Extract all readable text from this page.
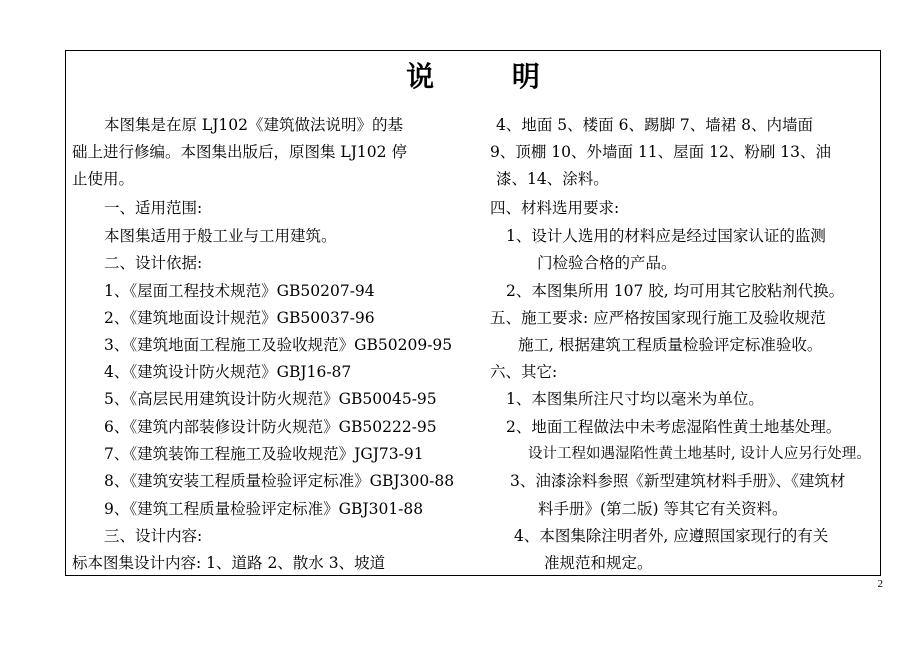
说 明
本图集是在原 LJ102《建筑做法说明》的基
础上进行修编。本图集出版后，原图集 LJ102 停
止使用。
一、适用范围:
本图集适用于般工业与工用建筑。
二、设计依据:
1、《屋面工程技术规范》GB50207-94
2、《建筑地面设计规范》GB50037-96
3、《建筑地面工程施工及验收规范》GB50209-95
4、《建筑设计防火规范》GBJ16-87
5、《高层民用建筑设计防火规范》GB50045-95
6、《建筑内部装修设计防火规范》GB50222-95
7、《建筑装饰工程施工及验收规范》JGJ73-91
8、《建筑安装工程质量检验评定标准》GBJ300-88
9、《建筑工程质量检验评定标准》GBJ301-88
三、设计内容:
标本图集设计内容: 1、道路 2、散水 3、坡道
4、地面 5、楼面 6、踢脚 7、墙裙 8、内墙面
9、顶棚 10、外墙面 11、屋面 12、粉刷 13、油
漆、14、涂料。
四、材料选用要求:
1、设计人选用的材料应是经过国家认证的监测
门检验合格的产品。
2、本图集所用 107 胶, 均可用其它胶粘剂代换。
五、施工要求: 应严格按国家现行施工及验收规范
施工, 根据建筑工程质量检验评定标准验收。
六、其它:
1、本图集所注尺寸均以毫米为单位。
2、地面工程做法中未考虑湿陷性黄土地基处理。
设计工程如遇湿陷性黄土地基时, 设计人应另行处理。
3、油漆涂料参照《新型建筑材料手册》、《建筑材
料手册》(第二版) 等其它有关资料。
4、本图集除注明者外, 应遵照国家现行的有关
准规范和规定。
2
